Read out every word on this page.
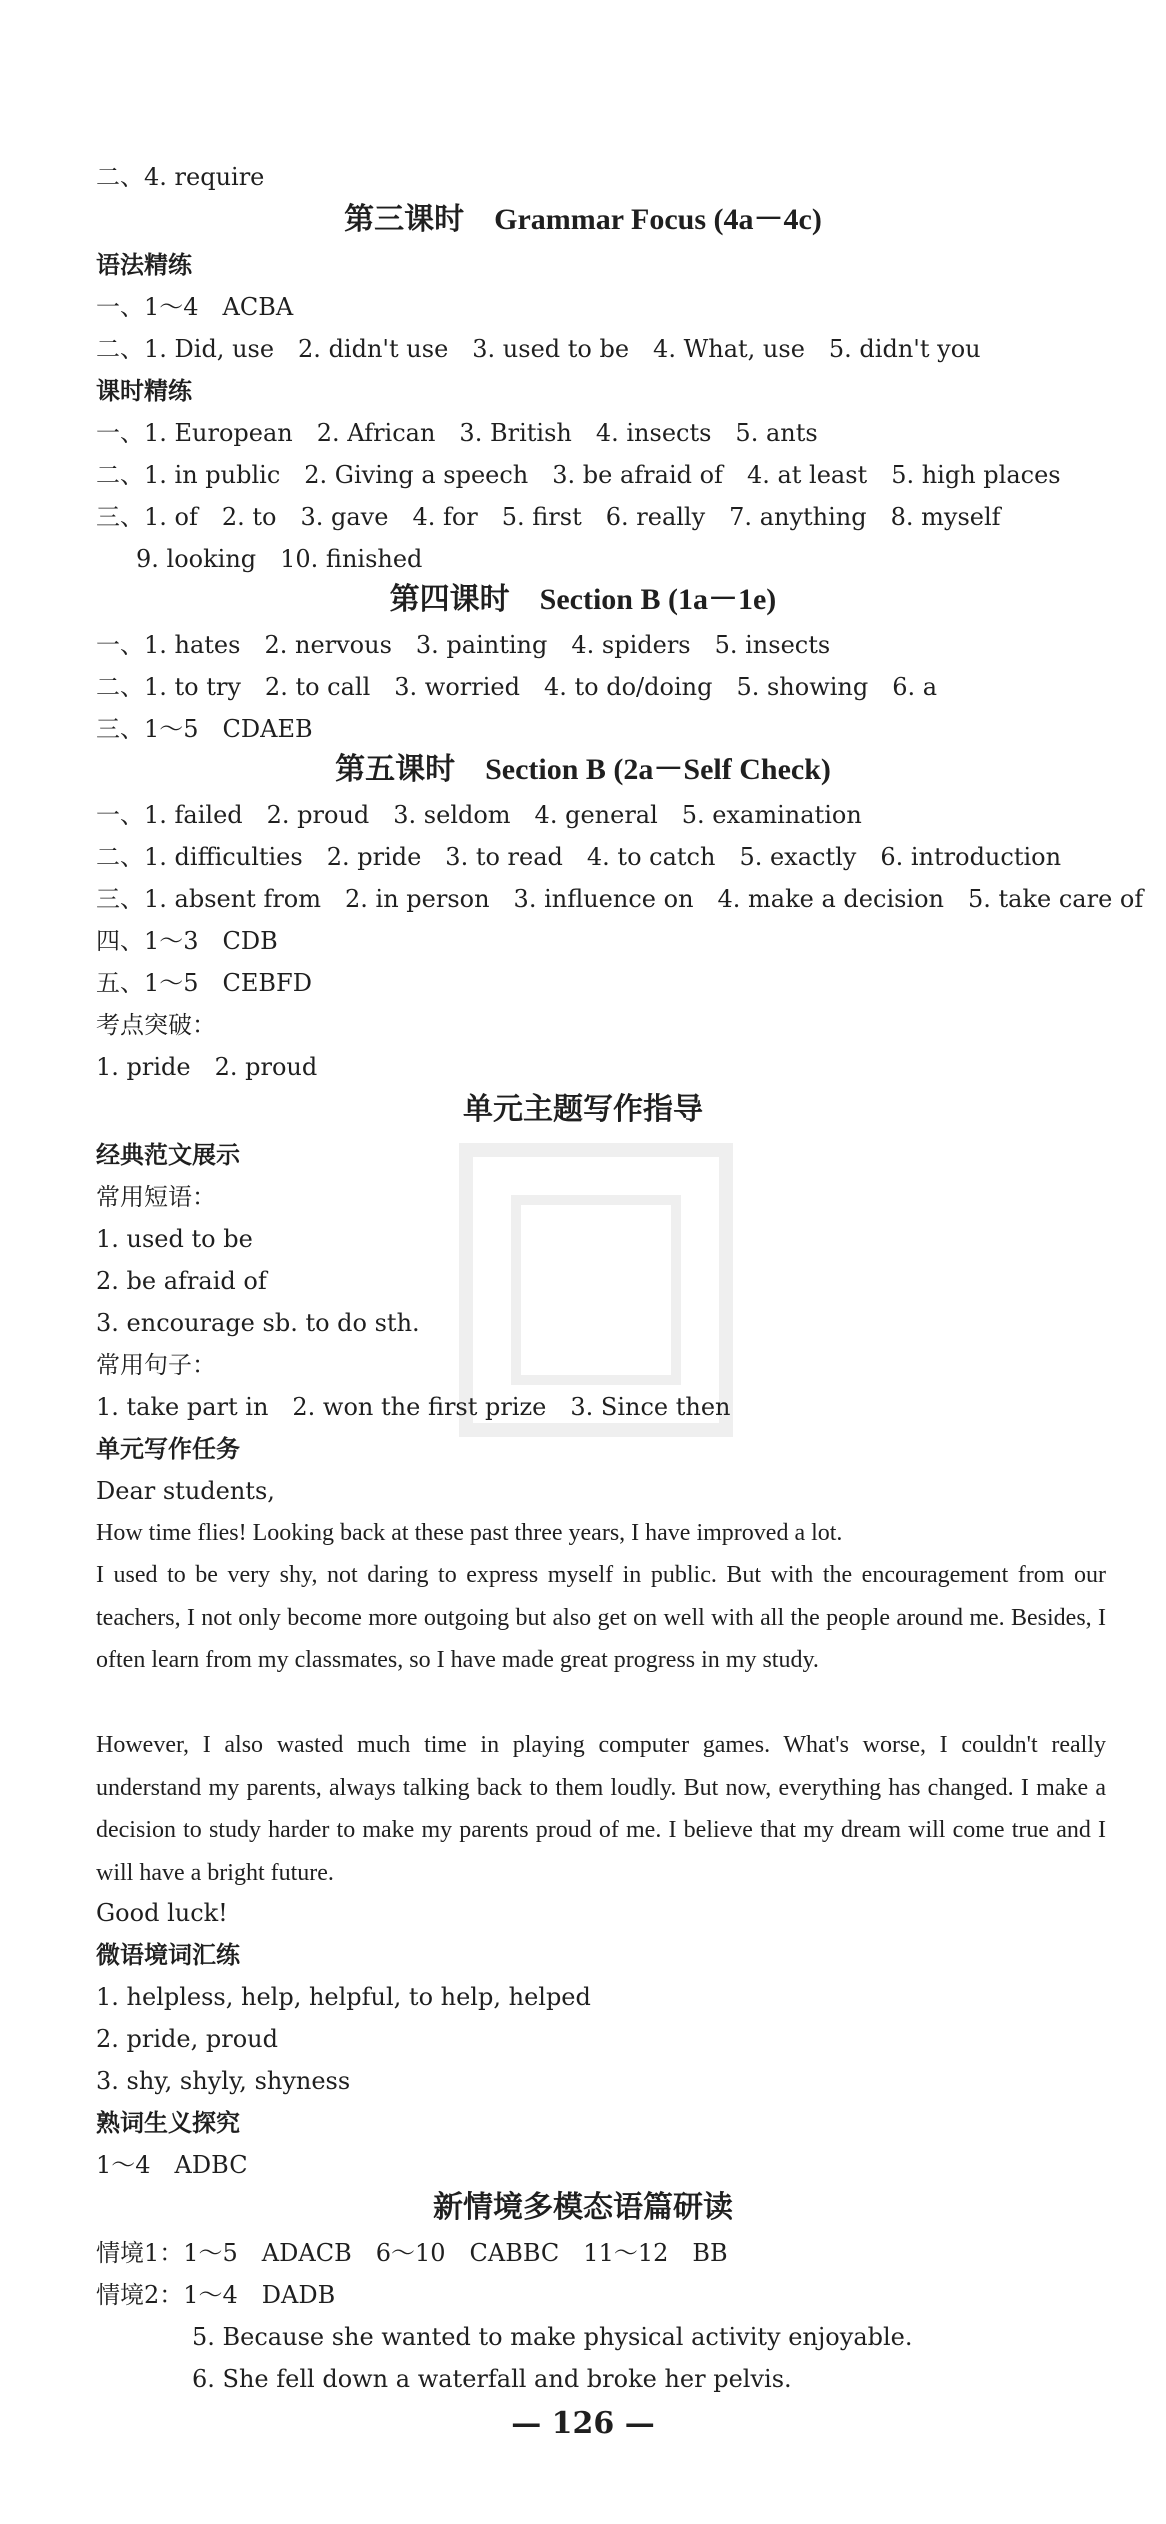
二、4. require
第三课时　Grammar Focus (4a－4c)
语法精练
一、1～4　ACBA
二、1. Did, use　2. didn't use　3. used to be　4. What, use　5. didn't you
课时精练
一、1. European　2. African　3. British　4. insects　5. ants
二、1. in public　2. Giving a speech　3. be afraid of　4. at least　5. high places
三、1. of　2. to　3. gave　4. for　5. first　6. really　7. anything　8. myself
9. looking　10. finished
第四课时　Section B (1a－1e)
一、1. hates　2. nervous　3. painting　4. spiders　5. insects
二、1. to try　2. to call　3. worried　4. to do/doing　5. showing　6. a
三、1～5　CDAEB
第五课时　Section B (2a－Self Check)
一、1. failed　2. proud　3. seldom　4. general　5. examination
二、1. difficulties　2. pride　3. to read　4. to catch　5. exactly　6. introduction
三、1. absent from　2. in person　3. influence on　4. make a decision　5. take care of
四、1～3　CDB
五、1～5　CEBFD
考点突破：
1. pride　2. proud
单元主题写作指导
经典范文展示
常用短语：
1. used to be
2. be afraid of
3. encourage sb. to do sth.
常用句子：
1. take part in　2. won the first prize　3. Since then
单元写作任务
Dear students,
How time flies! Looking back at these past three years, I have improved a lot.
I used to be very shy, not daring to express myself in public. But with the encouragement from our teachers, I not only become more outgoing but also get on well with all the people around me. Besides, I often learn from my classmates, so I have made great progress in my study.
However, I also wasted much time in playing computer games. What's worse, I couldn't really understand my parents, always talking back to them loudly. But now, everything has changed. I make a decision to study harder to make my parents proud of me. I believe that my dream will come true and I will have a bright future.
Good luck!
微语境词汇练
1. helpless, help, helpful, to help, helped
2. pride, proud
3. shy, shyly, shyness
熟词生义探究
1～4　ADBC
新情境多模态语篇研读
情境1：1～5　ADACB　6～10　CABBC　11～12　BB
情境2：1～4　DADB
5. Because she wanted to make physical activity enjoyable.
6. She fell down a waterfall and broke her pelvis.
— 126 —
